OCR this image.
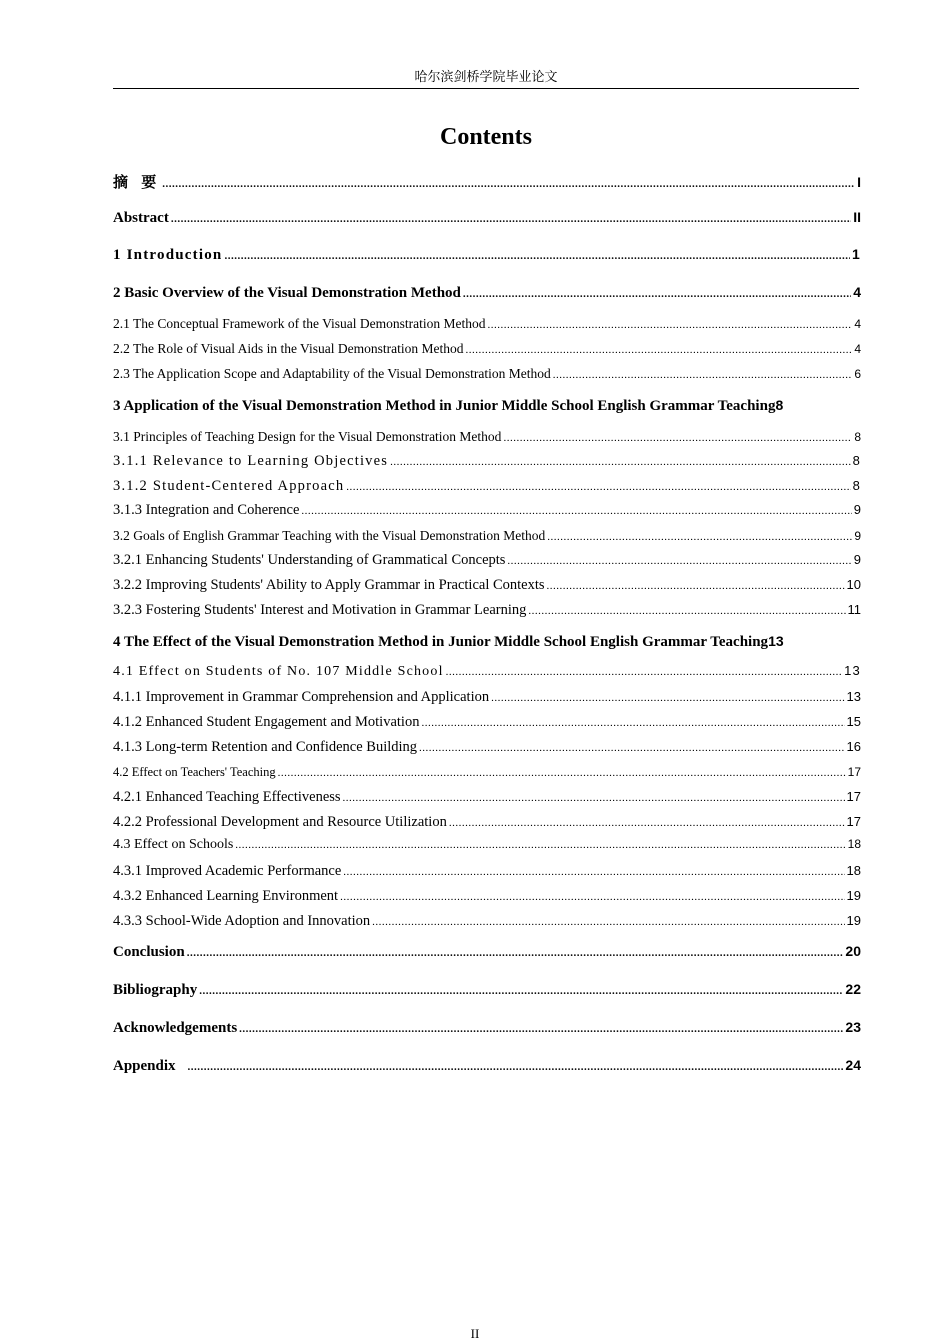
哈尔滨剑桥学院毕业论文
Contents
摘 要 .....	I
Abstract .....	II
1 Introduction .....	1
2 Basic Overview of the Visual Demonstration Method .....	4
2.1 The Conceptual Framework of the Visual Demonstration Method .....	4
2.2 The Role of Visual Aids in the Visual Demonstration Method .....	4
2.3 The Application Scope and Adaptability of the Visual Demonstration Method .....	6
3 Application of the Visual Demonstration Method in Junior Middle School English Grammar Teaching 8
3.1 Principles of Teaching Design for the Visual Demonstration Method .....	8
3.1.1 Relevance to Learning Objectives .....	8
3.1.2 Student-Centered Approach .....	8
3.1.3 Integration and Coherence .....	9
3.2 Goals of English Grammar Teaching with the Visual Demonstration Method .....	9
3.2.1 Enhancing Students' Understanding of Grammatical Concepts .....	9
3.2.2 Improving Students' Ability to Apply Grammar in Practical Contexts .....	10
3.2.3 Fostering Students' Interest and Motivation in Grammar Learning .....	11
4 The Effect of the Visual Demonstration Method in Junior Middle School English Grammar Teaching 13
4.1 Effect on Students of No. 107 Middle School .....	13
4.1.1 Improvement in Grammar Comprehension and Application .....	13
4.1.2 Enhanced Student Engagement and Motivation .....	15
4.1.3 Long-term Retention and Confidence Building .....	16
4.2 Effect on Teachers' Teaching .....	17
4.2.1 Enhanced Teaching Effectiveness .....	17
4.2.2 Professional Development and Resource Utilization .....	17
4.3 Effect on Schools .....	18
4.3.1 Improved Academic Performance .....	18
4.3.2 Enhanced Learning Environment .....	19
4.3.3 School-Wide Adoption and Innovation .....	19
Conclusion .....	20
Bibliography .....	22
Acknowledgements .....	23
Appendix .....	24
II
